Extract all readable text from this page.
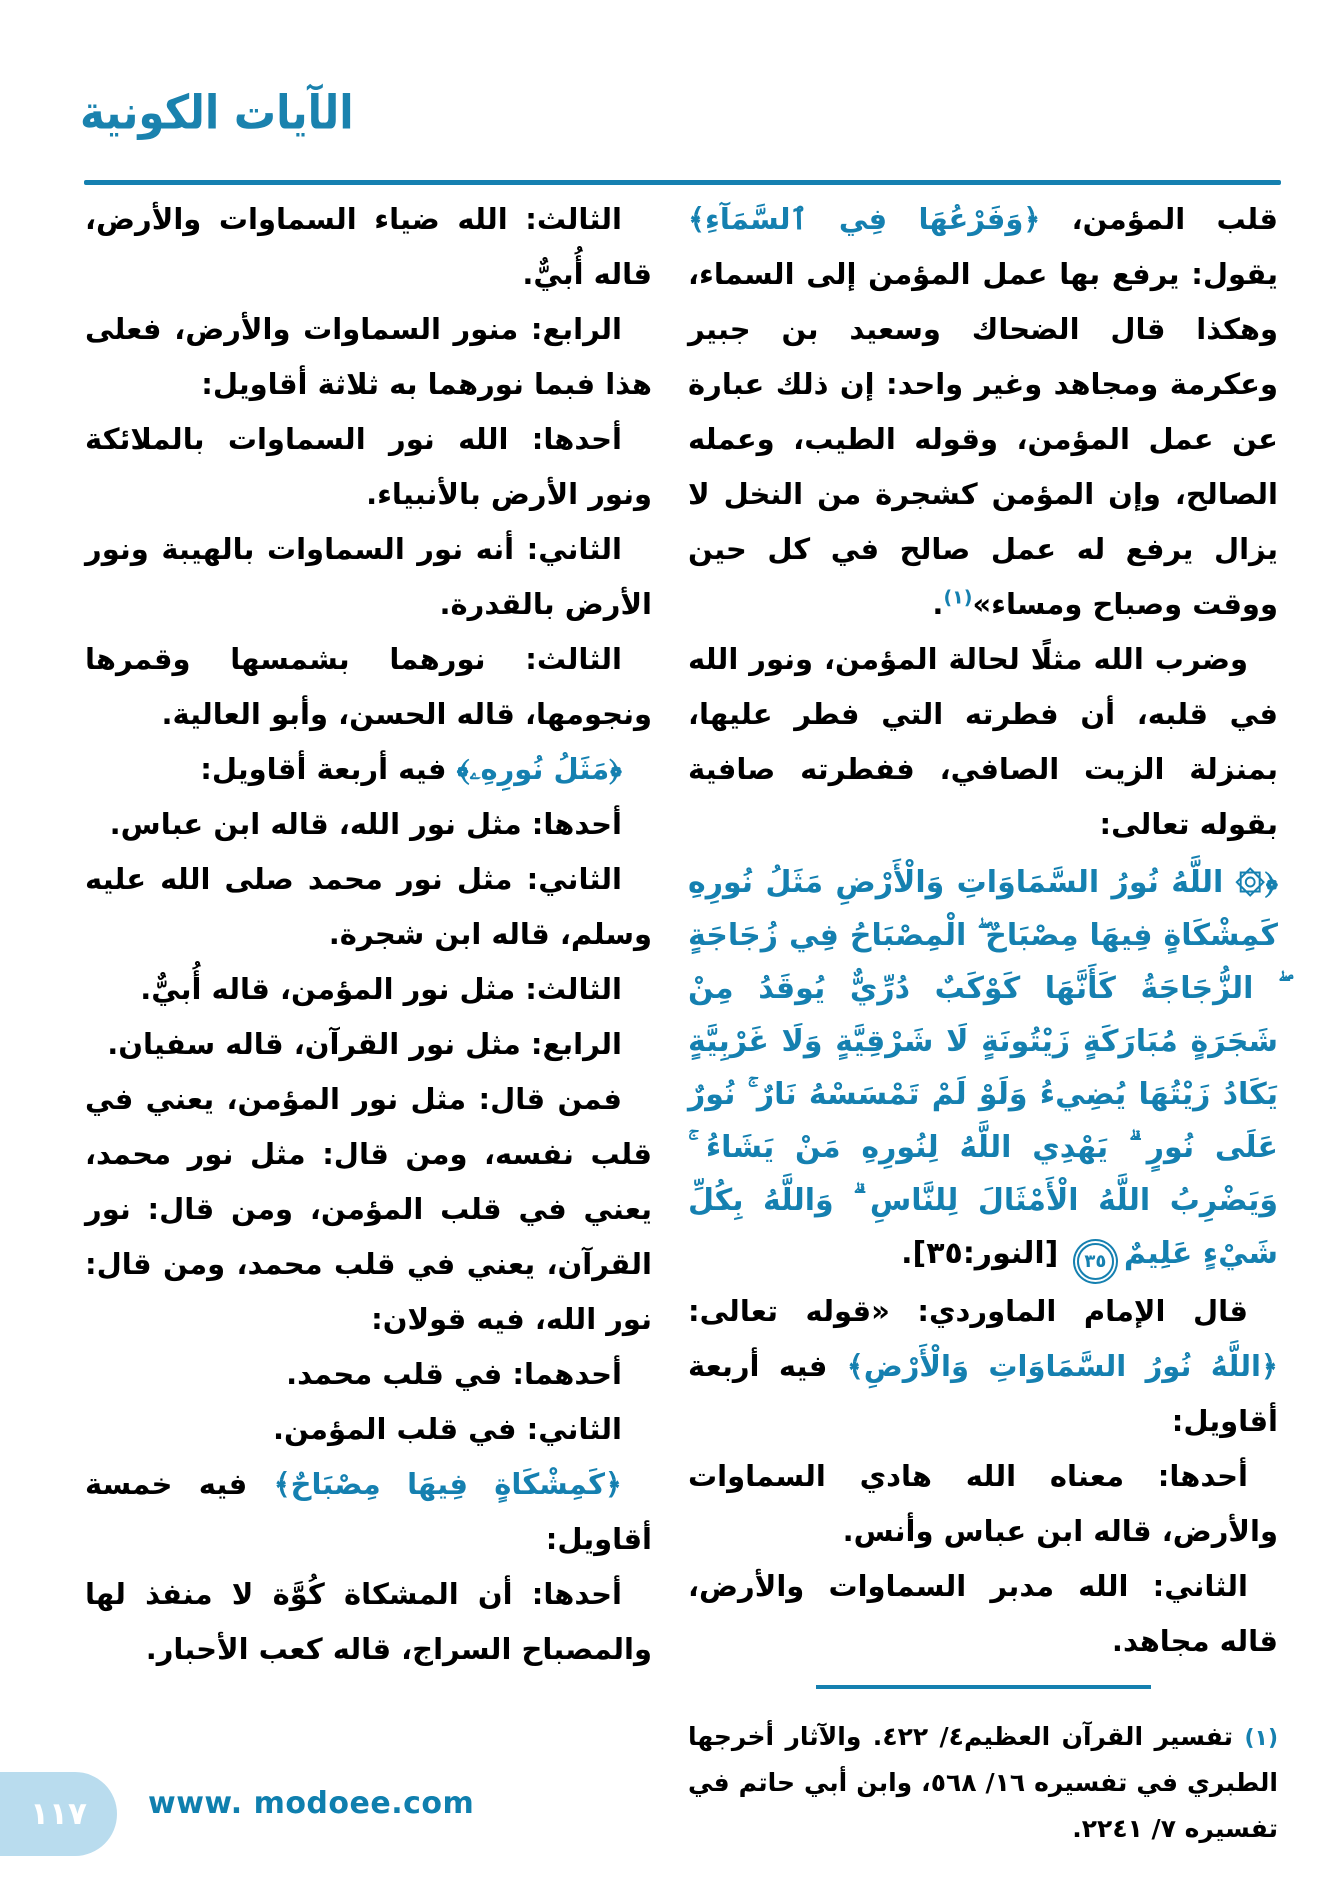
الآيات الكونية

قلب المؤمن، ﴿وَفَرْعُهَا فِي ٱلسَّمَآءِ﴾ يقول: يرفع بها عمل المؤمن إلى السماء، وهكذا قال الضحاك وسعيد بن جبير وعكرمة ومجاهد وغير واحد: إن ذلك عبارة عن عمل المؤمن، وقوله الطيب، وعمله الصالح، وإن المؤمن كشجرة من النخل لا يزال يرفع له عمل صالح في كل حين ووقت وصباح ومساء»$^{(١)}$.

وضرب الله مثلًا لحالة المؤمن، ونور الله في قلبه، أن فطرته التي فطر عليها، بمنزلة الزيت الصافي، ففطرته صافية بقوله تعالى:

﴿۞ اللَّهُ نُورُ السَّمَاوَاتِ وَالْأَرْضِ مَثَلُ نُورِهِ كَمِشْكَاةٍ فِيهَا مِصْبَاحٌ ۖ الْمِصْبَاحُ فِي زُجَاجَةٍ ۖ الزُّجَاجَةُ كَأَنَّهَا كَوْكَبٌ دُرِّيٌّ يُوقَدُ مِنْ شَجَرَةٍ مُبَارَكَةٍ زَيْتُونَةٍ لَا شَرْقِيَّةٍ وَلَا غَرْبِيَّةٍ يَكَادُ زَيْتُهَا يُضِيءُ وَلَوْ لَمْ تَمْسَسْهُ نَارٌ ۚ نُورٌ عَلَى نُورٍ ۗ يَهْدِي اللَّهُ لِنُورِهِ مَنْ يَشَاءُ ۚ وَيَضْرِبُ اللَّهُ الْأَمْثَالَ لِلنَّاسِ ۗ وَاللَّهُ بِكُلِّ شَيْءٍ عَلِيمٌ٣٥ [النور:٣٥].

قال الإمام الماوردي: «قوله تعالى: ﴿اللَّهُ نُورُ السَّمَاوَاتِ وَالْأَرْضِ﴾ فيه أربعة أقاويل:

أحدها: معناه الله هادي السماوات والأرض، قاله ابن عباس وأنس.

الثاني: الله مدبر السماوات والأرض، قاله مجاهد.

(١) تفسير القرآن العظيم٤/ ٤٢٢. والآثار أخرجها الطبري في تفسيره ١٦/ ٥٦٨، وابن أبي حاتم في تفسيره ٧/ ٢٢٤١.

الثالث: الله ضياء السماوات والأرض، قاله أُبيٌّ.

الرابع: منور السماوات والأرض، فعلى هذا فبما نورهما به ثلاثة أقاويل:

أحدها: الله نور السماوات بالملائكة ونور الأرض بالأنبياء.

الثاني: أنه نور السماوات بالهيبة ونور الأرض بالقدرة.

الثالث: نورهما بشمسها وقمرها ونجومها، قاله الحسن، وأبو العالية.

﴿مَثَلُ نُورِهِۦ﴾ فيه أربعة أقاويل:

أحدها: مثل نور الله، قاله ابن عباس.

الثاني: مثل نور محمد صلى الله عليه وسلم، قاله ابن شجرة.

الثالث: مثل نور المؤمن، قاله أُبيٌّ.

الرابع: مثل نور القرآن، قاله سفيان.

فمن قال: مثل نور المؤمن، يعني في قلب نفسه، ومن قال: مثل نور محمد، يعني في قلب المؤمن، ومن قال: نور القرآن، يعني في قلب محمد، ومن قال: نور الله، فيه قولان:

أحدهما: في قلب محمد.

الثاني: في قلب المؤمن.

﴿كَمِشْكَاةٍ فِيهَا مِصْبَاحٌ﴾ فيه خمسة أقاويل:

أحدها: أن المشكاة كُوَّة لا منفذ لها والمصباح السراج، قاله كعب الأحبار.

١١٧	www. modoee.com
